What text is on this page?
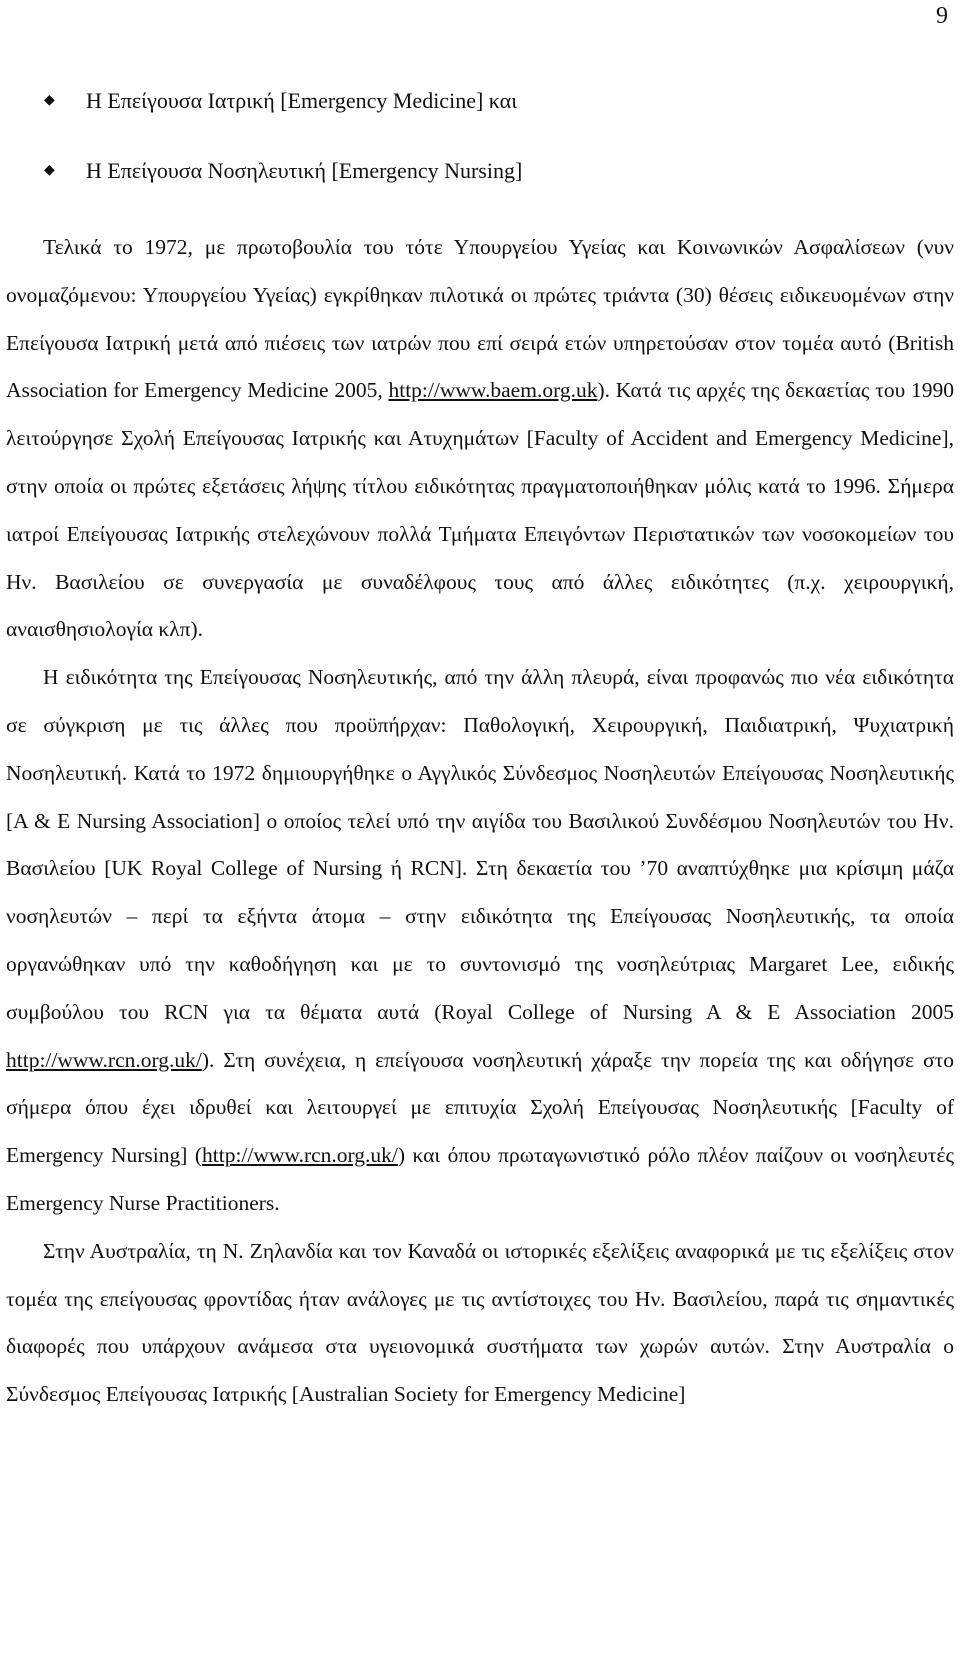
9
◆ Η Επείγουσα Ιατρική [Emergency Medicine] και
◆ Η Επείγουσα Νοσηλευτική [Emergency Nursing]

Τελικά το 1972, με πρωτοβουλία του τότε Υπουργείου Υγείας και Κοινωνικών Ασφαλίσεων (νυν ονομαζόμενου: Υπουργείου Υγείας) εγκρίθηκαν πιλοτικά οι πρώτες τριάντα (30) θέσεις ειδικευομένων στην Επείγουσα Ιατρική μετά από πιέσεις των ιατρών που επί σειρά ετών υπηρετούσαν στον τομέα αυτό (British Association for Emergency Medicine 2005, http://www.baem.org.uk). Κατά τις αρχές της δεκαετίας του 1990 λειτούργησε Σχολή Επείγουσας Ιατρικής και Ατυχημάτων [Faculty of Accident and Emergency Medicine], στην οποία οι πρώτες εξετάσεις λήψης τίτλου ειδικότητας πραγματοποιήθηκαν μόλις κατά το 1996. Σήμερα ιατροί Επείγουσας Ιατρικής στελεχώνουν πολλά Τμήματα Επειγόντων Περιστατικών των νοσοκομείων του Ην. Βασιλείου σε συνεργασία με συναδέλφους τους από άλλες ειδικότητες (π.χ. χειρουργική, αναισθησιολογία κλπ).

Η ειδικότητα της Επείγουσας Νοσηλευτικής, από την άλλη πλευρά, είναι προφανώς πιο νέα ειδικότητα σε σύγκριση με τις άλλες που προϋπήρχαν: Παθολογική, Χειρουργική, Παιδιατρική, Ψυχιατρική Νοσηλευτική. Κατά το 1972 δημιουργήθηκε ο Αγγλικός Σύνδεσμος Νοσηλευτών Επείγουσας Νοσηλευτικής [A & E Nursing Association] ο οποίος τελεί υπό την αιγίδα του Βασιλικού Συνδέσμου Νοσηλευτών του Ην. Βασιλείου [UK Royal College of Nursing ή RCN]. Στη δεκαετία του ’70 αναπτύχθηκε μια κρίσιμη μάζα νοσηλευτών – περί τα εξήντα άτομα – στην ειδικότητα της Επείγουσας Νοσηλευτικής, τα οποία οργανώθηκαν υπό την καθοδήγηση και με το συντονισμό της νοσηλεύτριας Margaret Lee, ειδικής συμβούλου του RCN για τα θέματα αυτά (Royal College of Nursing A & E Association 2005 http://www.rcn.org.uk/). Στη συνέχεια, η επείγουσα νοσηλευτική χάραξε την πορεία της και οδήγησε στο σήμερα όπου έχει ιδρυθεί και λειτουργεί με επιτυχία Σχολή Επείγουσας Νοσηλευτικής [Faculty of Emergency Nursing] (http://www.rcn.org.uk/) και όπου πρωταγωνιστικό ρόλο πλέον παίζουν οι νοσηλευτές Emergency Nurse Practitioners.

Στην Αυστραλία, τη Ν. Ζηλανδία και τον Καναδά οι ιστορικές εξελίξεις αναφορικά με τις εξελίξεις στον τομέα της επείγουσας φροντίδας ήταν ανάλογες με τις αντίστοιχες του Ην. Βασιλείου, παρά τις σημαντικές διαφορές που υπάρχουν ανάμεσα στα υγειονομικά συστήματα των χωρών αυτών. Στην Αυστραλία ο Σύνδεσμος Επείγουσας Ιατρικής [Australian Society for Emergency Medicine]
